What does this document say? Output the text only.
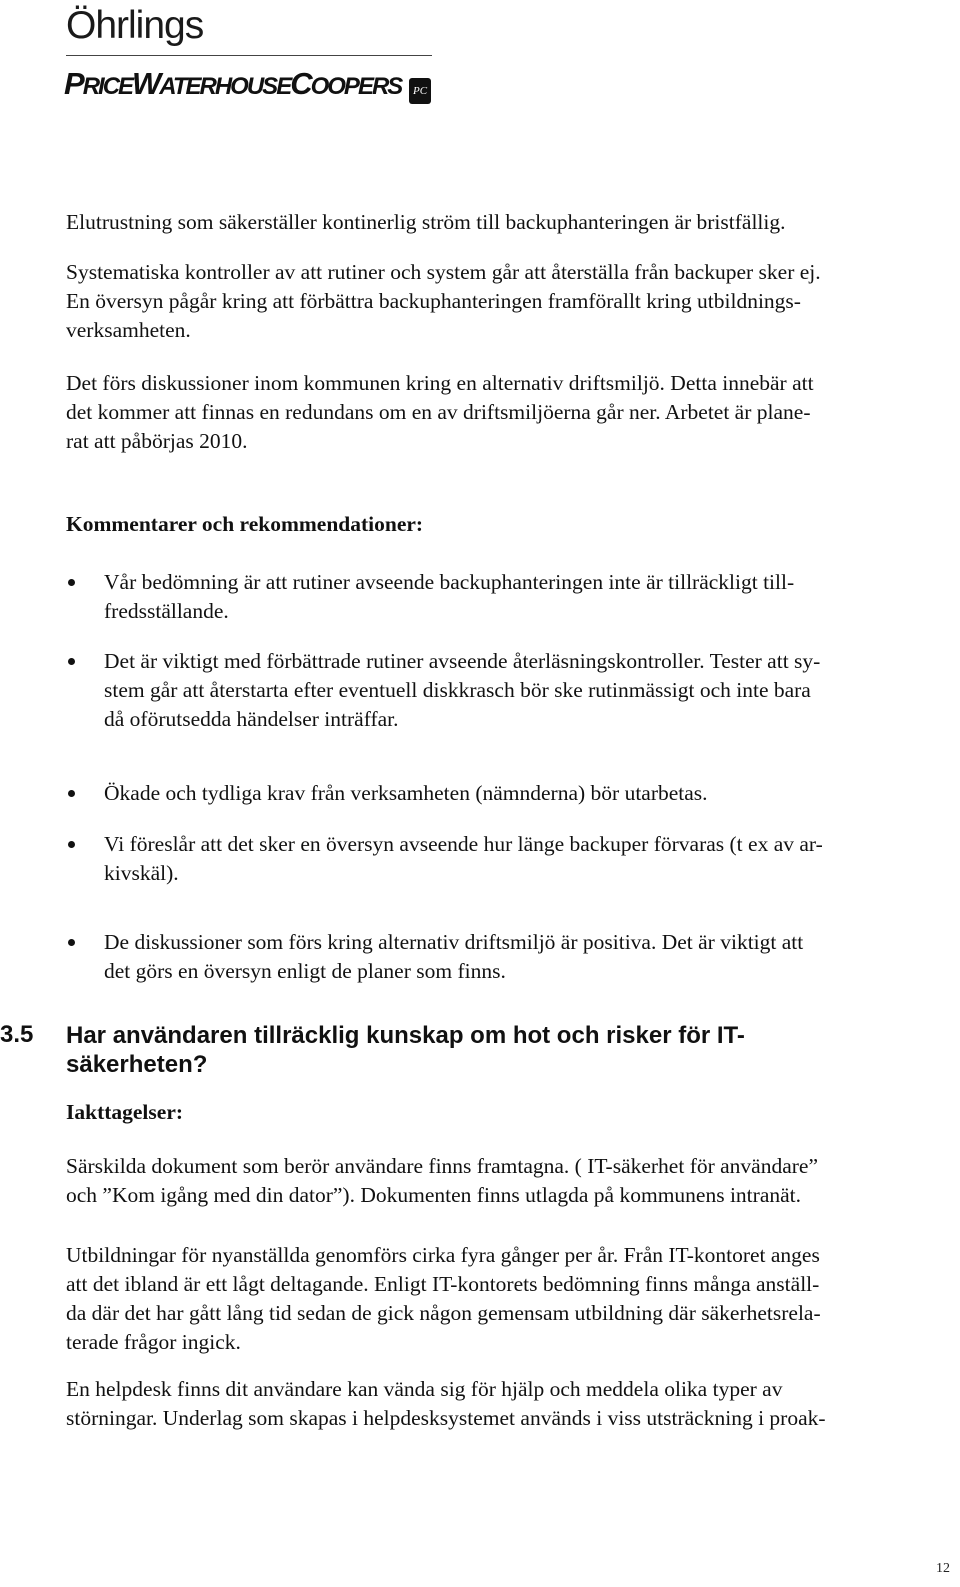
Öhrlings
PRICEWATERHOUSECOOPERS	PC

Elutrustning som säkerställer kontinerlig ström till backuphanteringen är bristfällig.

Systematiska kontroller av att rutiner och system går att återställa från backuper sker ej.

En översyn pågår kring att förbättra backuphanteringen framförallt kring utbildnings-
verksamheten.

Det förs diskussioner inom kommunen kring en alternativ driftsmiljö. Detta innebär att
det kommer att finnas en redundans om en av driftsmiljöerna går ner. Arbetet är plane-
rat att påbörjas 2010.

Kommentarer och rekommendationer:

Vår bedömning är att rutiner avseende backuphanteringen inte är tillräckligt till-
fredsställande.

Det är viktigt med förbättrade rutiner avseende återläsningskontroller. Tester att sy-
stem går att återstarta efter eventuell diskkrasch bör ske rutinmässigt och inte bara
då oförutsedda händelser inträffar.

Ökade och tydliga krav från verksamheten (nämnderna) bör utarbetas.

Vi föreslår att det sker en översyn avseende hur länge backuper förvaras (t ex av ar-
kivskäl).

De diskussioner som förs kring alternativ driftsmiljö är positiva. Det är viktigt att
det görs en översyn enligt de planer som finns.

3.5 Har användaren tillräcklig kunskap om hot och risker för IT-
säkerheten?

Iakttagelser:

Särskilda dokument som berör användare finns framtagna. ( IT-säkerhet för användare”
och ”Kom igång med din dator”). Dokumenten finns utlagda på kommunens intranät.

Utbildningar för nyanställda genomförs cirka fyra gånger per år. Från IT-kontoret anges
att det ibland är ett lågt deltagande. Enligt IT-kontorets bedömning finns många anställ-
da där det har gått lång tid sedan de gick någon gemensam utbildning där säkerhetsrela-
terade frågor ingick.

En helpdesk finns dit användare kan vända sig för hjälp och meddela olika typer av
störningar. Underlag som skapas i helpdesksystemet används i viss utsträckning i proak-

12
